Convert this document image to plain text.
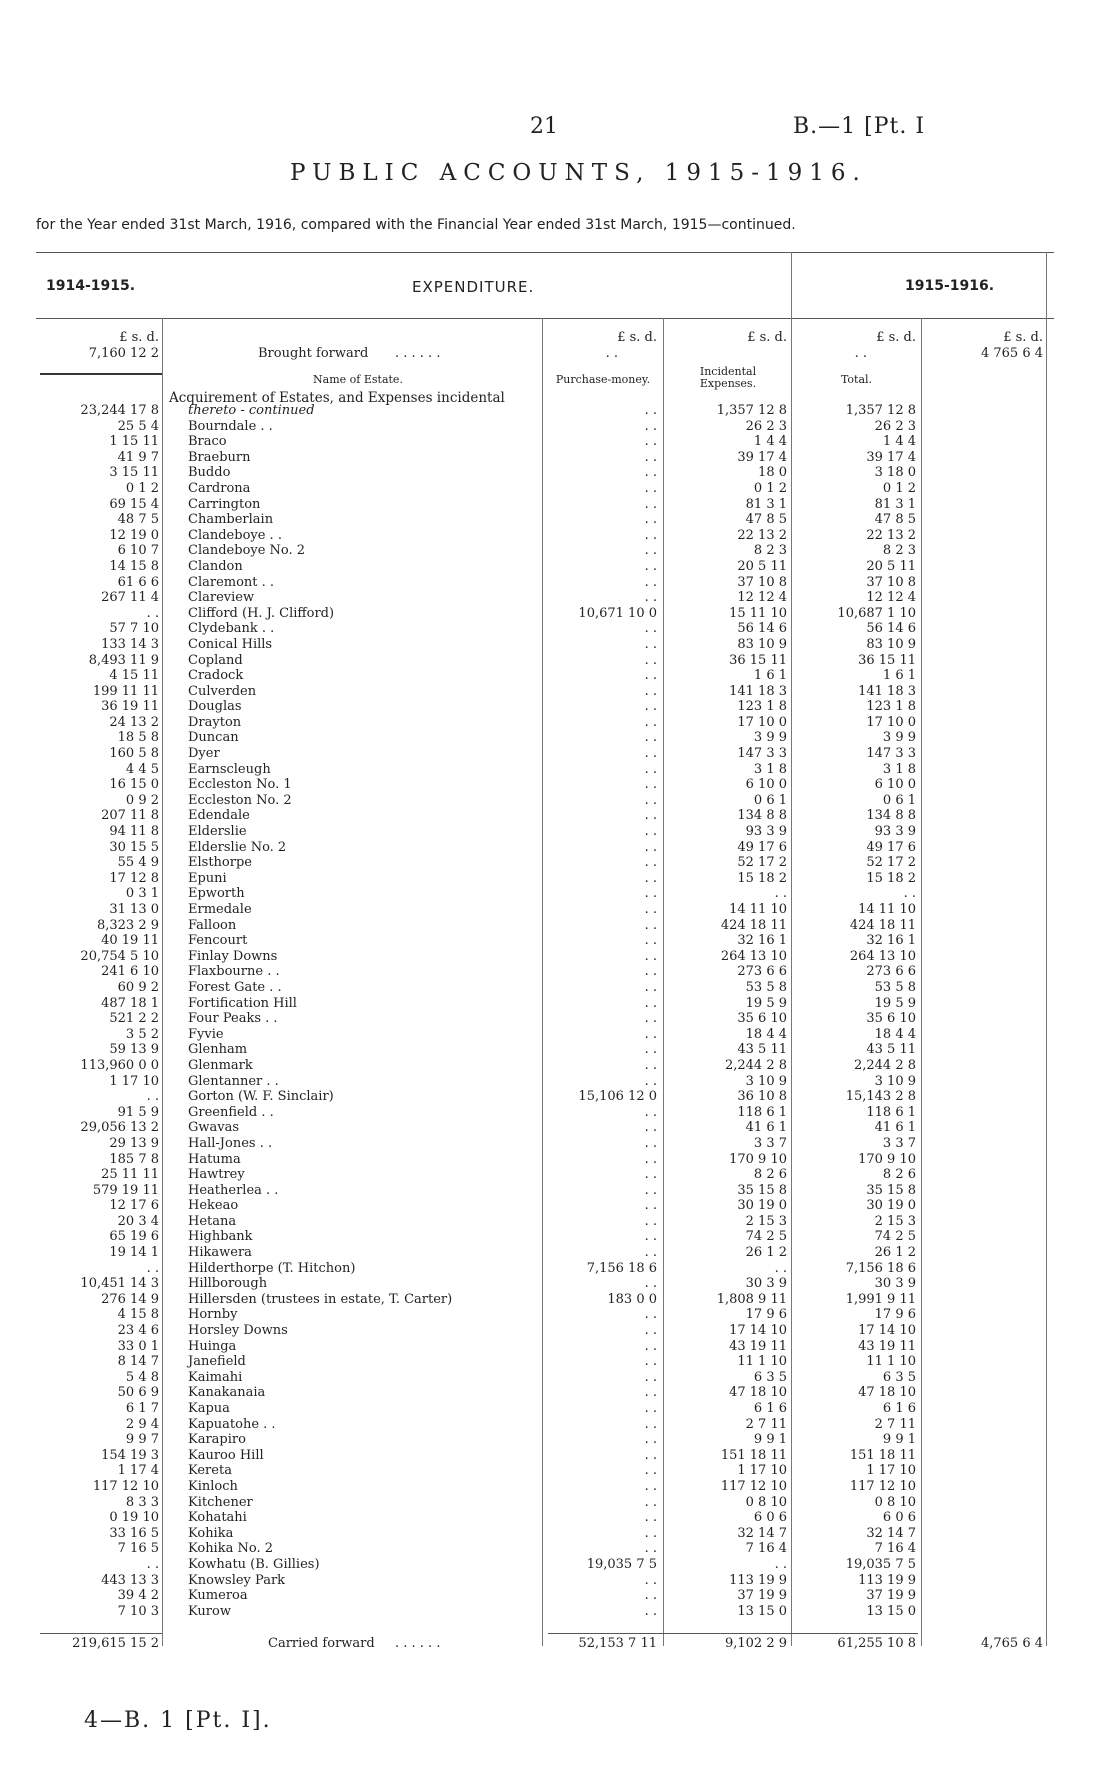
21	B.—1 [Pt. I
PUBLIC ACCOUNTS, 1915-1916.
for the Year ended 31st March, 1916, compared with the Financial Year ended 31st March, 1915—continued.
1914-1915.	EXPENDITURE.	1915-1916.
£ s. d.	£ s. d.	£ s. d.	£ s. d.	£ s. d.
7,160 12 2	Brought forward . . . . . .	. .	. .	4 765 6 4
Name of Estate.	Purchase-money.
Incidental Expenses.	Total.
Acquirement of Estates, and Expenses incidental
23,244 17 8 thereto - continued	. .	1,357 12 8	1,357 12 8
25 5 4 Bourndale . .	. .	26 2 3	26 2 3
1 15 11 Braco	. .	1 4 4	1 4 4
41 9 7 Braeburn	. .	39 17 4	39 17 4
3 15 11 Buddo	. .	18 0	3 18 0
0 1 2 Cardrona	. .	0 1 2	0 1 2
69 15 4 Carrington	. .	81 3 1	81 3 1
48 7 5 Chamberlain	. .	47 8 5	47 8 5
12 19 0 Clandeboye . .	. .	22 13 2	22 13 2
6 10 7 Clandeboye No. 2	. .	8 2 3	8 2 3
14 15 8 Clandon	. .	20 5 11	20 5 11
61 6 6 Claremont . .	. .	37 10 8	37 10 8
267 11 4 Clareview	. .	12 12 4	12 12 4
. . Clifford (H. J. Clifford)	10,671 10 0	15 11 10	10,687 1 10
57 7 10 Clydebank . .	. .	56 14 6	56 14 6
133 14 3 Conical Hills	. .	83 10 9	83 10 9
8,493 11 9 Copland	. .	36 15 11	36 15 11
4 15 11 Cradock	. .	1 6 1	1 6 1
199 11 11 Culverden	. .	141 18 3	141 18 3
36 19 11 Douglas	. .	123 1 8	123 1 8
24 13 2 Drayton	. .	17 10 0	17 10 0
18 5 8 Duncan	. .	3 9 9	3 9 9
160 5 8 Dyer	. .	147 3 3	147 3 3
4 4 5 Earnscleugh	. .	3 1 8	3 1 8
16 15 0 Eccleston No. 1	. .	6 10 0	6 10 0
0 9 2 Eccleston No. 2	. .	0 6 1	0 6 1
207 11 8 Edendale	. .	134 8 8	134 8 8
94 11 8 Elderslie	. .	93 3 9	93 3 9
30 15 5 Elderslie No. 2	. .	49 17 6	49 17 6
55 4 9 Elsthorpe	. .	52 17 2	52 17 2
17 12 8 Epuni	. .	15 18 2	15 18 2
0 3 1 Epworth	. .	. .	. .
31 13 0 Ermedale	. .	14 11 10	14 11 10
8,323 2 9 Falloon	. .	424 18 11	424 18 11
40 19 11 Fencourt	. .	32 16 1	32 16 1
20,754 5 10 Finlay Downs	. .	264 13 10	264 13 10
241 6 10 Flaxbourne . .	. .	273 6 6	273 6 6
60 9 2 Forest Gate . .	. .	53 5 8	53 5 8
487 18 1 Fortification Hill	. .	19 5 9	19 5 9
521 2 2 Four Peaks . .	. .	35 6 10	35 6 10
3 5 2 Fyvie	. .	18 4 4	18 4 4
59 13 9 Glenham	. .	43 5 11	43 5 11
113,960 0 0 Glenmark	. .	2,244 2 8	2,244 2 8
1 17 10 Glentanner . .	. .	3 10 9	3 10 9
. . Gorton (W. F. Sinclair)	15,106 12 0	36 10 8	15,143 2 8
91 5 9 Greenfield . .	. .	118 6 1	118 6 1
29,056 13 2 Gwavas	. .	41 6 1	41 6 1
29 13 9 Hall-Jones . .	. .	3 3 7	3 3 7
185 7 8 Hatuma	. .	170 9 10	170 9 10
25 11 11 Hawtrey	. .	8 2 6	8 2 6
579 19 11 Heatherlea . .	. .	35 15 8	35 15 8
12 17 6 Hekeao	. .	30 19 0	30 19 0
20 3 4 Hetana	. .	2 15 3	2 15 3
65 19 6 Highbank	. .	74 2 5	74 2 5
19 14 1 Hikawera	. .	26 1 2	26 1 2
. . Hilderthorpe (T. Hitchon)	7,156 18 6	. .	7,156 18 6
10,451 14 3 Hillborough	. .	30 3 9	30 3 9
276 14 9 Hillersden (trustees in estate, T. Carter)	183 0 0	1,808 9 11	1,991 9 11
4 15 8 Hornby	. .	17 9 6	17 9 6
23 4 6 Horsley Downs	. .	17 14 10	17 14 10
33 0 1 Huinga	. .	43 19 11	43 19 11
8 14 7 Janefield	. .	11 1 10	11 1 10
5 4 8 Kaimahi	. .	6 3 5	6 3 5
50 6 9 Kanakanaia	. .	47 18 10	47 18 10
6 1 7 Kapua	. .	6 1 6	6 1 6
2 9 4 Kapuatohe . .	. .	2 7 11	2 7 11
9 9 7 Karapiro	. .	9 9 1	9 9 1
154 19 3 Kauroo Hill	. .	151 18 11	151 18 11
1 17 4 Kereta	. .	1 17 10	1 17 10
117 12 10 Kinloch	. .	117 12 10	117 12 10
8 3 3 Kitchener	. .	0 8 10	0 8 10
0 19 10 Kohatahi	. .	6 0 6	6 0 6
33 16 5 Kohika	. .	32 14 7	32 14 7
7 16 5 Kohika No. 2	. .	7 16 4	7 16 4
. . Kowhatu (B. Gillies)	19,035 7 5	. .	19,035 7 5
443 13 3 Knowsley Park	. .	113 19 9	113 19 9
39 4 2 Kumeroa	. .	37 19 9	37 19 9
7 10 3 Kurow	. .	13 15 0	13 15 0
219,615 15 2	Carried forward . . . . . .	52,153 7 11	9,102 2 9	61,255 10 8	4,765 6 4
4—B. 1 [Pt. I].
